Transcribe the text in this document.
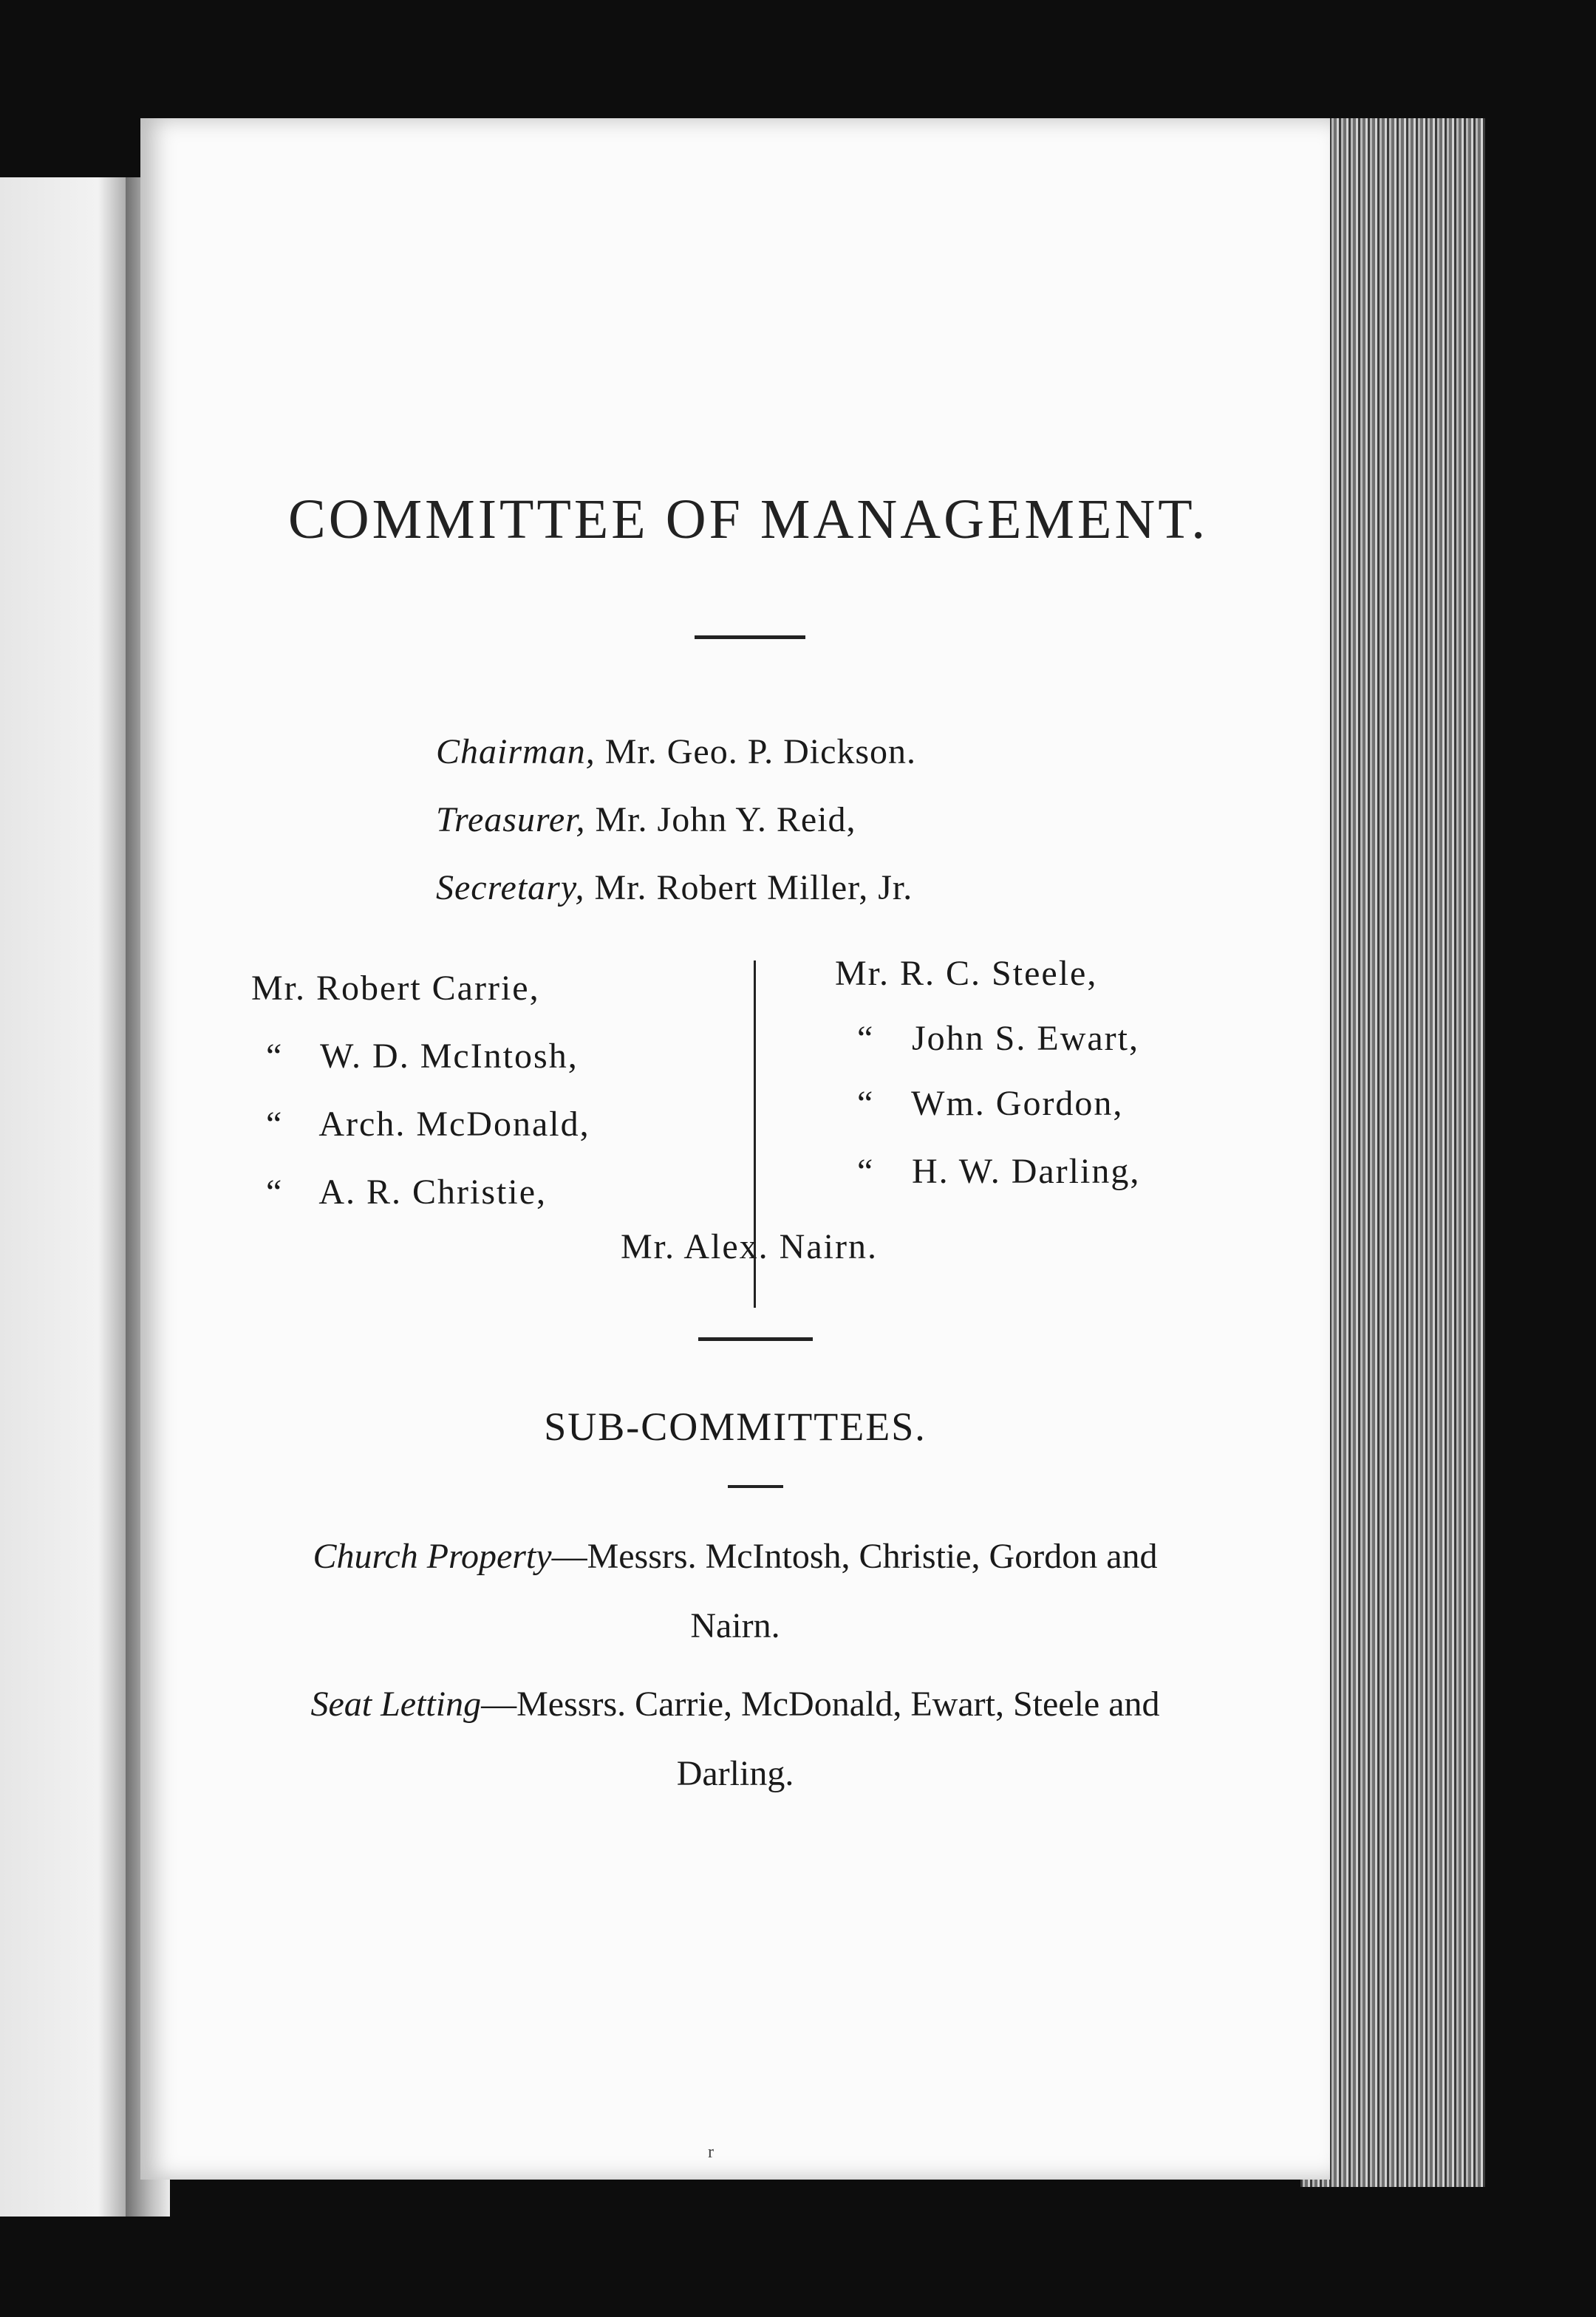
COMMITTEE OF MANAGEMENT.
Chairman, Mr. Geo. P. Dickson.
Treasurer, Mr. John Y. Reid,
Secretary, Mr. Robert Miller, Jr.
Mr. Robert Carrie,
“ W. D. McIntosh,
“ Arch. McDonald,
“ A. R. Christie,
Mr. R. C. Steele,
“ John S. Ewart,
“ Wm. Gordon,
“ H. W. Darling,
Mr. Alex. Nairn.
SUB-COMMITTEES.
Church Property—Messrs. McIntosh, Christie, Gordon and Nairn.
Seat Letting—Messrs. Carrie, McDonald, Ewart, Steele and Darling.
r
